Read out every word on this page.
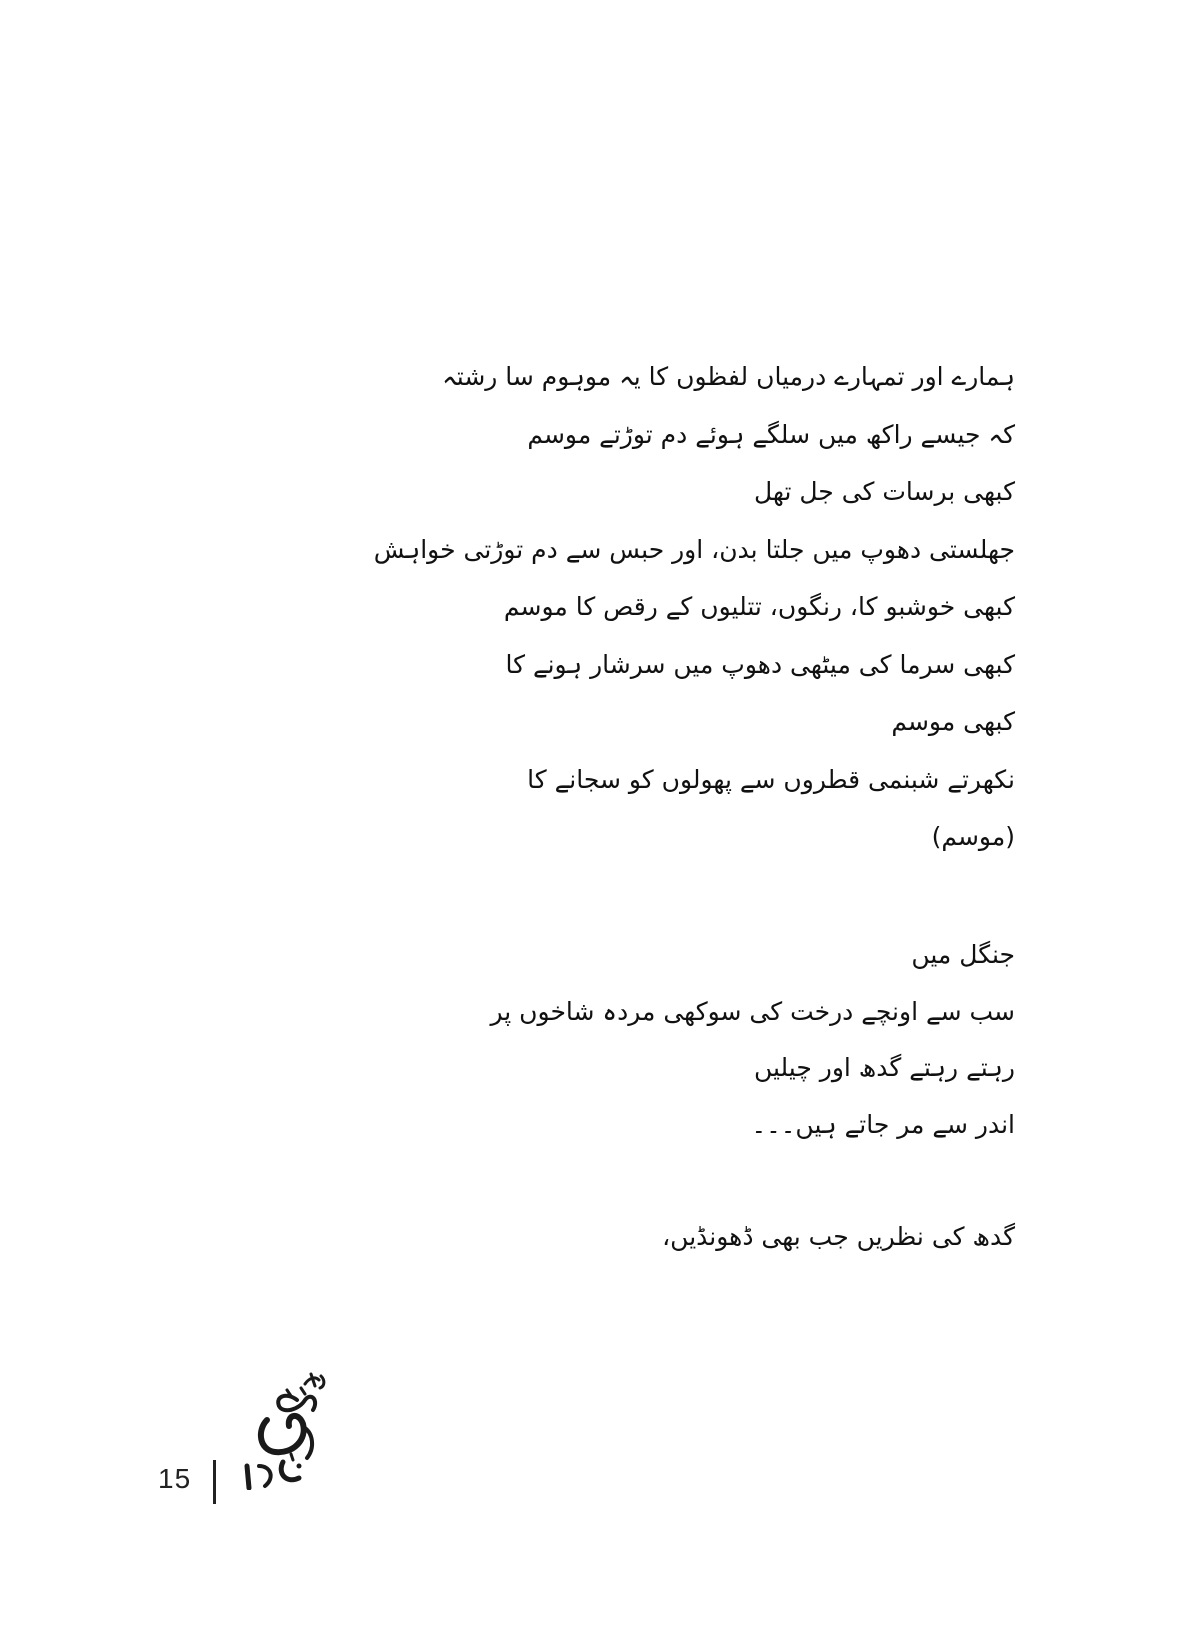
ہمارے اور تمہارے درمیاں لفظوں کا یہ موہوم سا رشتہ
کہ جیسے راکھ میں سلگے ہوئے دم توڑتے موسم
کبھی برسات کی جل تھل
جھلستی دھوپ میں جلتا بدن، اور حبس سے دم توڑتی خواہش
کبھی خوشبو کا، رنگوں، تتلیوں کے رقص کا موسم
کبھی سرما کی میٹھی دھوپ میں سرشار ہونے کا
کبھی موسم
نکھرتے شبنمی قطروں سے پھولوں کو سجانے کا
(موسم)
جنگل میں
سب سے اونچے درخت کی سوکھی مردہ شاخوں پر
رہتے رہتے گدھ اور چیلیں
اندر سے مر جاتے ہیں۔۔۔
گدھ کی نظریں جب بھی ڈھونڈیں،
15
